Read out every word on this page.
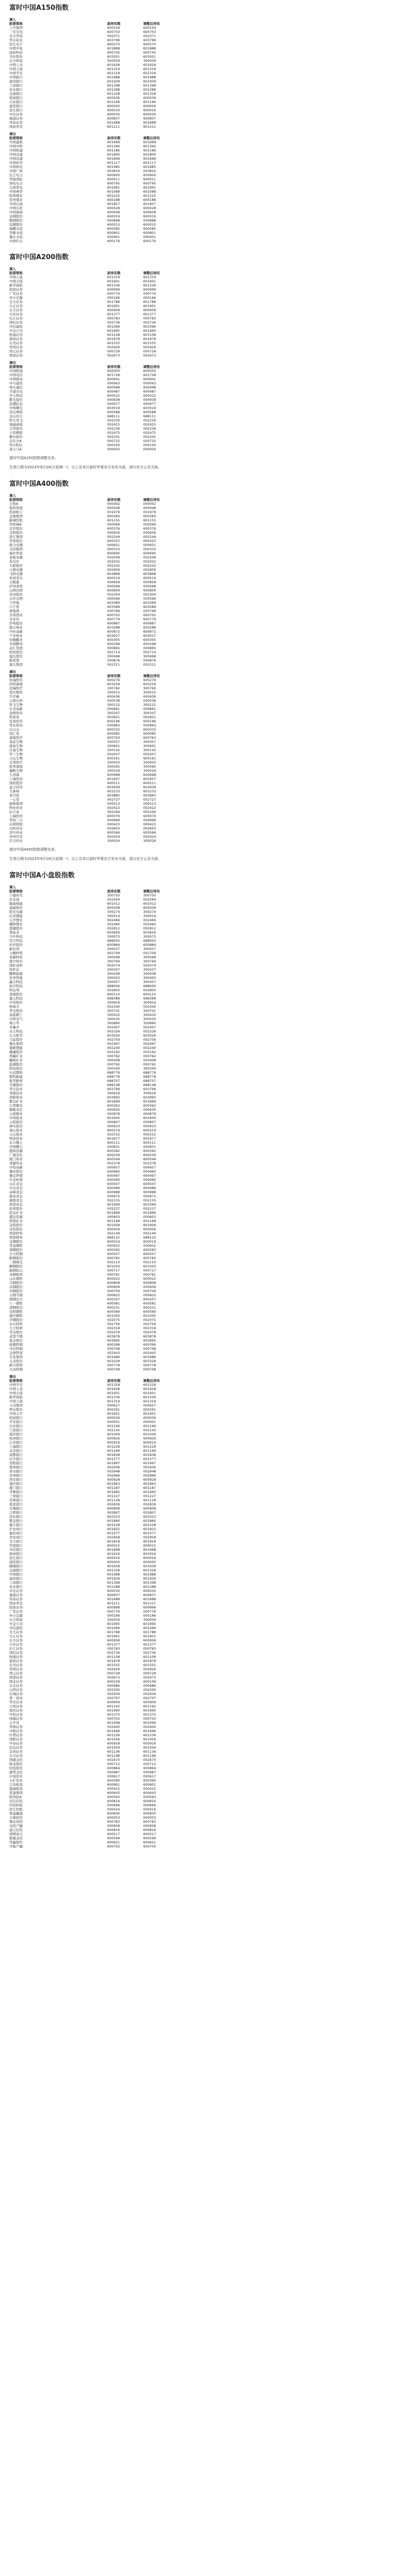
富时中国A150指数
调入
股票简称	原持有数	调整后持有
上汽集团	600104	600104
三安光电	600703	600703
北方华创	002371	002371
华友钴业	603799	603799
恒生电子	600570	600570
中国中免	601888	601888
闻泰科技	600745	600745
韦尔股份	603501	603501
东方财富	300059	300059
中国人寿	601628	601628
中国人保	601319	601319
中国平安	601318	601318
中国银行	601988	601988
建设银行	601939	601939
工商银行	601398	601398
农业银行	601288	601288
交通银行	601328	601328
招商银行	600036	600036
兴业银行	601166	601166
浦发银行	600000	600000
民生银行	600016	600016
中信证券	600030	600030
海通证券	600837	600837
华泰证券	601688	601688
国泰君安	601211	601211
调出
股票简称	原持有数	调整后持有
中国建筑	601668	601668
中国中铁	601390	601390
中国铁建	601186	601186
中国交建	601800	601800
中国电建	601669	601669
中国化学	601117	601117
中国核电	601985	601985
中国广核	003816	003816
长江电力	600900	600900
华能国际	600011	600011
国电电力	600795	600795
大唐发电	601991	601991
中国神华	601088	601088
陕西煤业	601225	601225
兖州煤业	600188	600188
中国石油	601857	601857
中国石化	600028	600028
中国海油	600938	600938
宝钢股份	600019	600019
鞍钢股份	000898	000898
包钢股份	600010	600010
海螺水泥	600585	600585
华新水泥	600801	600801
冀东水泥	000401	000401
中国巨石	600176	600176
富时中国A200指数
调入
股票简称	原持有数	调整后持有
中国人保	601319	601319
中国太保	601601	601601
新华保险	601336	601336
招商证券	600999	600999
广发证券	000776	000776
申万宏源	000166	000166
光大证券	601788	601788
方正证券	601901	601901
东方证券	600958	600958
兴业证券	601377	601377
长江证券	000783	000783
国信证券	002736	002736
中信建投	601066	601066
中金公司	601995	601995
财通证券	601108	601108
浙商证券	601878	601878
东吴证券	601555	601555
华西证券	002926	002926
国元证券	000728	000728
西部证券	002673	002673
调出
股票简称	原持有数	调整后持有
中国联通	600050	600050
中国电信	601728	601728
中国移动	600941	600941
中兴通讯	000063	000063
烽火通信	600498	600498
亨通光电	600487	600487
中天科技	600522	600522
紫光股份	000938	000938
浪潮信息	000977	000977
中科曙光	603019	603019
用友网络	600588	600588
金山办公	688111	688111
科大讯飞	002230	002230
海康威视	002415	002415
大华股份	002236	002236
立讯精密	002475	002475
歌尔股份	002241	002241
京东方A	000725	000725
TCL科技	000100	000100
深天马A	000050	000050
富时中国A150指数调整名单。
生效日期为2023年9月18日(星期一)；以上名单以富时罗素官方发布为准，请以官方公告为准。
富时中国A400指数
调入
股票简称	原持有数	调整后持有
万科A	000002	000002
保利发展	600048	600048
招商蛇口	001979	001979
金地集团	600383	600383
新城控股	601155	601155
华侨城A	000069	000069
首开股份	600376	600376
金科股份	000656	000656
滨江集团	002244	002244
华发股份	600325	600325
格力电器	000651	000651
美的集团	000333	000333
海尔智家	600690	600690
老板电器	002508	002508
苏泊尔	002032	002032
九阳股份	002242	002242
小熊电器	002959	002959
飞科电器	603868	603868
贵州茅台	600519	600519
五粮液	000858	000858
泸州老窖	000568	000568
山西汾酒	600809	600809
洋河股份	002304	002304
古井贡酒	000596	000596
今世缘	603369	603369
口子窖	603589	603589
酒鬼酒	000799	000799
舍得酒业	600702	600702
水井坊	600779	600779
伊利股份	600887	600887
海天味业	603288	603288
中炬高新	600872	600872
千禾味业	603027	603027
恒顺醋业	600305	600305
安琪酵母	600298	600298
双汇发展	000895	000895
牧原股份	002714	002714
温氏股份	300498	300498
新希望	000876	000876
海大集团	002311	002311
调出
股票简称	原持有数	调整后持有
恒瑞医药	600276	600276
药明康德	603259	603259
迈瑞医疗	300760	300760
爱尔眼科	300015	300015
片仔癀	600436	600436
云南白药	000538	000538
智飞生物	300122	300122
长春高新	000661	000661
泰格医药	300347	300347
凯莱英	002821	002821
复星医药	600196	600196
华东医药	000963	000963
白云山	600332	600332
同仁堂	600085	600085
通策医疗	600763	600763
我武生物	300357	300357
康泰生物	300601	300601
沃森生物	300142	300142
华兰生物	002007	002007
天坛生物	600161	600161
乐普医疗	300003	300003
欧普康视	300595	300595
健帆生物	300529	300529
九州通	600998	600998
上海医药	601607	601607
国药股份	600511	600511
益丰药房	603939	603939
大参林	603233	603233
老百姓	603883	603883
一心堂	002727	002727
丽珠集团	000513	000513
科伦药业	002422	002422
信立泰	002294	002294
人福医药	600079	600079
华润三九	000999	000999
东阿阿胶	000423	000423
以岭药业	002603	002603
济川药业	600566	600566
贵州百灵	002424	002424
红日药业	300026	300026
富时中国A400指数调整名单。
生效日期为2023年9月18日(星期一)；以上名单以富时罗素官方发布为准，请以官方公告为准。
富时中国A小盘股指数
调入
股票简称	原持有数	调整后持有
宁德时代	300750	300750
比亚迪	002594	002594
隆基绿能	601012	601012
通威股份	600438	600438
阳光电源	300274	300274
亿纬锂能	300014	300014
天齐锂业	002466	002466
赣锋锂业	002460	002460
恩捷股份	002812	002812
璞泰来	603659	603659
当升科技	300073	300073
容百科技	688005	688005
杉杉股份	600884	600884
新宙邦	300037	300037
天赐材料	002709	002709
星源材质	300568	300568
德方纳米	300769	300769
国轩高科	002074	002074
欣旺达	300207	300207
鹏辉能源	300438	300438
先导智能	300450	300450
赢合科技	300457	300457
杭可科技	688006	688006
科达利	002850	002850
诺德股份	600110	600110
嘉元科技	688388	688388
中伟股份	300919	300919
格林美	002340	002340
华宝股份	300741	300741
富临精工	300432	300432
中科电气	300035	300035
翔丰华	300890	300890
多氟多	002407	002407
永太科技	002326	002326
石大胜华	603026	603026
天际股份	002759	002759
雅化集团	002497	002497
盛新锂能	002240	002240
融捷股份	002192	002192
西藏矿业	000762	000762
藏格矿业	000408	000408
盐湖股份	000792	000792
科恒股份	300340	300340
长远锂科	688779	688779
厦钨新能	688778	688778
振华新材	688707	688707
芳源股份	688148	688148
华友钴业	603799	603799
寒锐钴业	300618	300618
洛阳钼业	603993	603993
紫金矿业	601899	601899
江西铜业	600362	600362
铜陵有色	000630	000630
云南铜业	000878	000878
中国铝业	601600	601600
云铝股份	000807	000807
神火股份	000933	000933
南山铝业	600219	600219
天山铝业	002532	002532
明泰铝业	601677	601677
北方稀土	600111	600111
中国稀土	000831	000831
盛和资源	600392	600392
广晟有色	600259	600259
厦门钨业	600549	600549
章源钨业	002378	002378
中钨高新	000657	000657
锡业股份	000960	000960
驰宏锌锗	600497	600497
中金岭南	000060	000060
山东黄金	600547	600547
中金黄金	600489	600489
赤峰黄金	600988	600988
银泰黄金	000975	000975
湖南黄金	002155	002155
西部黄金	601069	601069
恒邦股份	002237	002237
招金矿业	601899	601899
盛达资源	000603	000603
西部矿业	601168	601168
金钼股份	601958	601958
宝钛股份	600456	600456
西部材料	002149	002149
西部超导	688122	688122
宝钢股份	600019	600019
华菱钢铁	000932	000932
南钢股份	600282	600282
方大特钢	600507	600507
新钢股份	600782	600782
三钢闽光	002110	002110
柳钢股份	601003	601003
韶钢松山	000717	000717
本钢板材	000761	000761
山东钢铁	600022	600022
马钢股份	600808	600808
首钢股份	000959	000959
河钢股份	000709	000709
太钢不锈	000825	000825
酒钢宏兴	600307	600307
八一钢铁	600581	600581
凌钢股份	600231	600231
安阳钢铁	600569	600569
重庆钢铁	601005	601005
沙钢股份	002075	002075
永兴材料	002756	002756
久立特材	002318	002318
常宝股份	002478	002478
武进不锈	603878	603878
甬金股份	603995	603995
抚顺特钢	600399	600399
中信特钢	000708	000708
金洲管道	002443	002443
友发集团	601686	601686
玉龙股份	601028	601028
新兴铸管	000778	000778
大冶特钢	000708	000708
调出
股票简称	原持有数	调整后持有
中国平安	601318	601318
中国人寿	601628	601628
中国太保	601601	601601
新华保险	601336	601336
中国人保	601319	601319
天茂集团	000627	000627
西水股份	600291	600291
中国太平	601601	601601
招商银行	600036	600036
平安银行	000001	000001
兴业银行	601166	601166
宁波银行	002142	002142
南京银行	601009	601009
杭州银行	600926	600926
江苏银行	600919	600919
上海银行	601229	601229
北京银行	601169	601169
成都银行	601838	601838
长沙银行	601577	601577
贵阳银行	601997	601997
郑州银行	002936	002936
青岛银行	002948	002948
苏州银行	002966	002966
西安银行	600928	600928
重庆银行	601963	601963
厦门银行	601187	601187
齐鲁银行	601665	601665
兰州银行	001227	001227
常熟银行	601128	601128
张家港行	002839	002839
无锡银行	600908	600908
江阴银行	002807	002807
苏农银行	603323	603323
紫金银行	601860	601860
瑞丰银行	601528	601528
沪农商行	601825	601825
渝农商行	601077	601077
青农商行	002958	002958
光大银行	601818	601818
华夏银行	600015	600015
中信银行	601998	601998
浙商银行	601916	601916
民生银行	600016	600016
浦发银行	600000	600000
邮储银行	601658	601658
交通银行	601328	601328
中国银行	601988	601988
建设银行	601939	601939
工商银行	601398	601398
农业银行	601288	601288
中信证券	600030	600030
海通证券	600837	600837
华泰证券	601688	601688
国泰君安	601211	601211
招商证券	600999	600999
广发证券	000776	000776
申万宏源	000166	000166
东方财富	300059	300059
中金公司	601995	601995
中信建投	601066	601066
光大证券	601788	601788
方正证券	601901	601901
东方证券	600958	600958
兴业证券	601377	601377
长江证券	000783	000783
国信证券	002736	002736
财通证券	601108	601108
浙商证券	601878	601878
东吴证券	601555	601555
华西证券	002926	002926
国元证券	000728	000728
西部证券	002673	002673
国金证券	600109	600109
东北证券	000686	000686
山西证券	002500	002500
长城证券	002939	002939
第一创业	002797	002797
华安证券	600909	600909
天风证券	601162	601162
南京证券	601990	601990
中原证券	601375	601375
国海证券	000750	000750
太平洋	601099	601099
华林证券	002945	002945
中银证券	601696	601696
红塔证券	601236	601236
国联证券	601456	601456
中泰证券	600918	600918
信达证券	601059	601059
首创证券	601136	601136
东兴证券	601198	601198
国盛金控	002670	002670
锦龙股份	000712	000712
哈投股份	600864	600864
越秀金控	000987	000987
中油资本	000617	000617
五矿资本	600390	600390
江苏租赁	600901	600901
渤海租赁	000415	000415
爱建集团	600643	600643
陕国投A	000563	000563
安信信托	600816	600816
经纬纺机	000666	000666
民生控股	000416	000416
香溢融通	600830	600830
九鼎投资	600053	600053
鲁信创投	600783	600783
电投产融	000958	000958
建元信托	600816	600816
国网英大	600517	600517
熊猫金控	600599	600599
华鑫股份	600621	600621
中航产融	600705	600705
